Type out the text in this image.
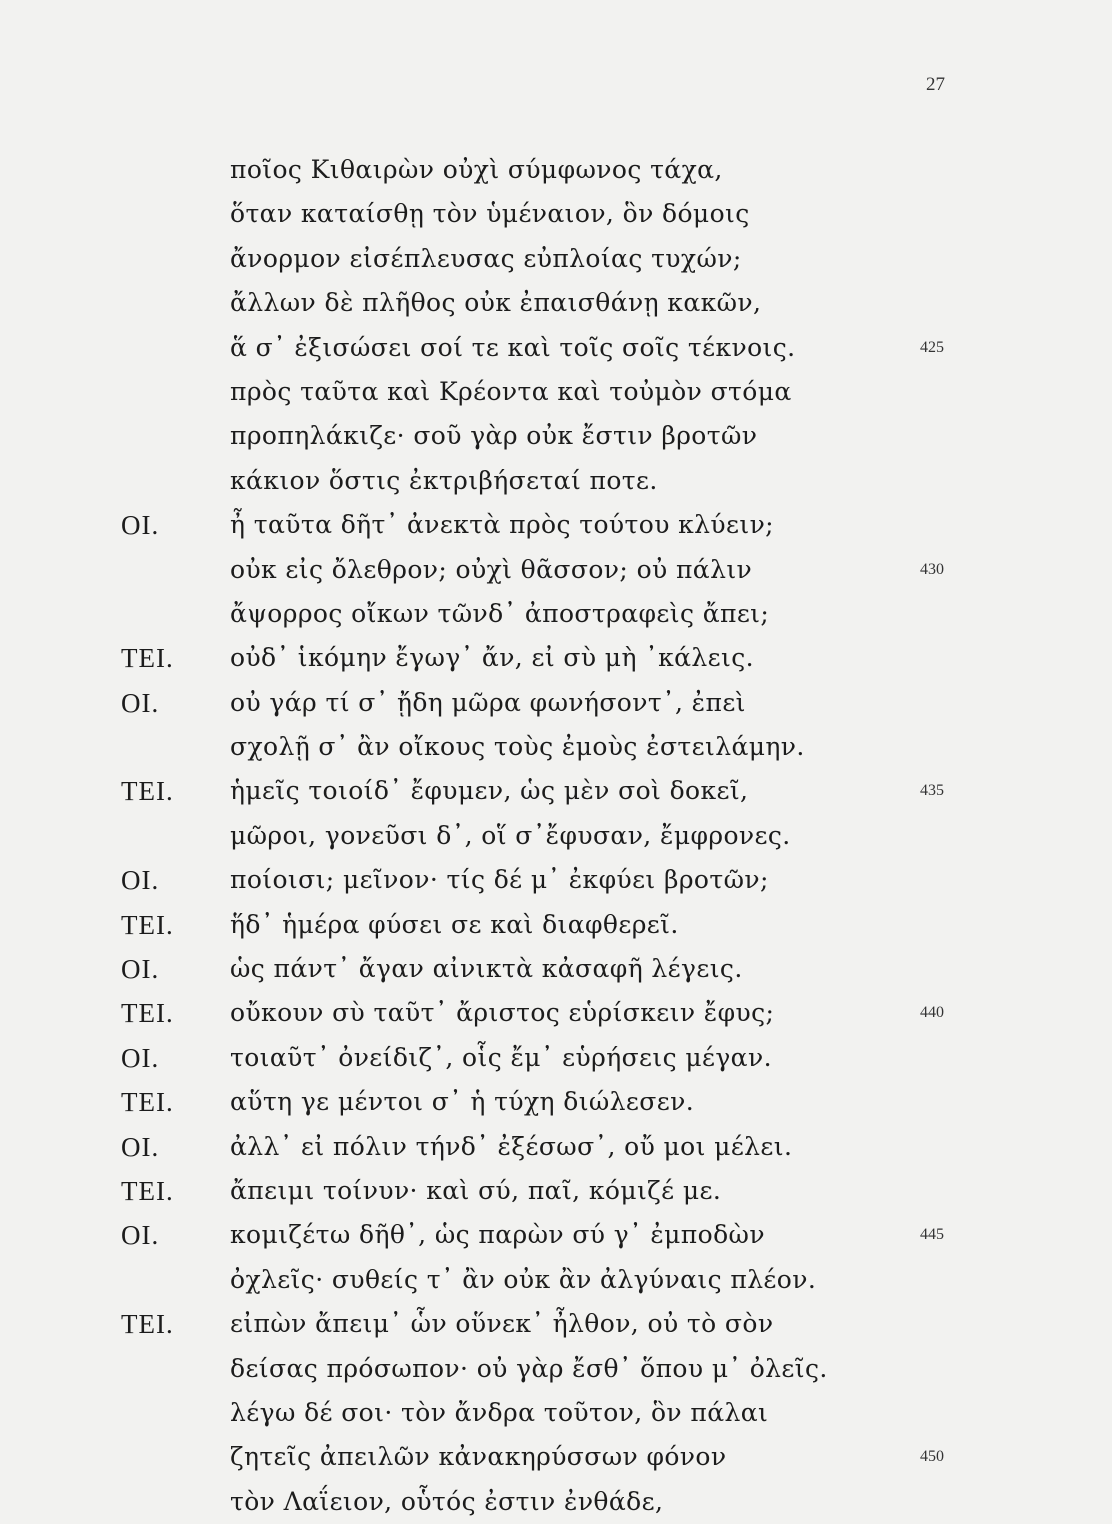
27
ποῖος Κιθαιρὼν οὐχὶ σύμφωνος τάχα,
ὅταν καταίσθῃ τὸν ὑμέναιον, ὃν δόμοις
ἄνορμον εἰσέπλευσας εὐπλοίας τυχών;
ἄλλων δὲ πλῆθος οὐκ ἐπαισθάνῃ κακῶν,
ἅ σ᾽ ἐξισώσει σοί τε καὶ τοῖς σοῖς τέκνοις.	425
πρὸς ταῦτα καὶ Κρέοντα καὶ τοὐμὸν στόμα
προπηλάκιζε· σοῦ γὰρ οὐκ ἔστιν βροτῶν
κάκιον ὅστις ἐκτριβήσεταί ποτε.
ΟΙ.	ἦ ταῦτα δῆτ᾽ ἀνεκτὰ πρὸς τούτου κλύειν;
οὐκ εἰς ὄλεθρον; οὐχὶ θᾶσσον; οὐ πάλιν	430
ἄψορρος οἴκων τῶνδ᾽ ἀποστραφεὶς ἄπει;
ΤΕΙ. οὐδ᾽ ἱκόμην ἔγωγ᾽ ἄν, εἰ σὺ μὴ ᾽κάλεις.
ΟΙ.	οὐ γάρ τί σ᾽ ᾔδη μῶρα φωνήσοντ᾽, ἐπεὶ
σχολῇ σ᾽ ἂν οἴκους τοὺς ἐμοὺς ἐστειλάμην.
ΤΕΙ. ἡμεῖς τοιοίδ᾽ ἔφυμεν, ὡς μὲν σοὶ δοκεῖ,	435
μῶροι, γονεῦσι δ᾽, οἵ σ᾽ἔφυσαν, ἔμφρονες.
ΟΙ.	ποίοισι; μεῖνον· τίς δέ μ᾽ ἐκφύει βροτῶν;
ΤΕΙ. ἥδ᾽ ἡμέρα φύσει σε καὶ διαφθερεῖ.
ΟΙ.	ὡς πάντ᾽ ἄγαν αἰνικτὰ κἀσαφῆ λέγεις.
ΤΕΙ. οὔκουν σὺ ταῦτ᾽ ἄριστος εὑρίσκειν ἔφυς;	440
ΟΙ.	τοιαῦτ᾽ ὀνείδιζ᾽, οἷς ἔμ᾽ εὑρήσεις μέγαν.
ΤΕΙ. αὕτη γε μέντοι σ᾽ ἡ τύχη διώλεσεν.
ΟΙ.	ἀλλ᾽ εἰ πόλιν τήνδ᾽ ἐξέσωσ᾽, οὔ μοι μέλει.
ΤΕΙ. ἄπειμι τοίνυν· καὶ σύ, παῖ, κόμιζέ με.
ΟΙ.	κομιζέτω δῆθ᾽, ὡς παρὼν σύ γ᾽ ἐμποδὼν	445
ὀχλεῖς· συθείς τ᾽ ἂν οὐκ ἂν ἀλγύναις πλέον.
ΤΕΙ. εἰπὼν ἄπειμ᾽ ὧν οὕνεκ᾽ ἦλθον, οὐ τὸ σὸν
δείσας πρόσωπον· οὐ γὰρ ἔσθ᾽ ὅπου μ᾽ ὀλεῖς.
λέγω δέ σοι· τὸν ἄνδρα τοῦτον, ὃν πάλαι
ζητεῖς ἀπειλῶν κἀνακηρύσσων φόνον	450
τὸν Λαΐειον, οὗτός ἐστιν ἐνθάδε,
